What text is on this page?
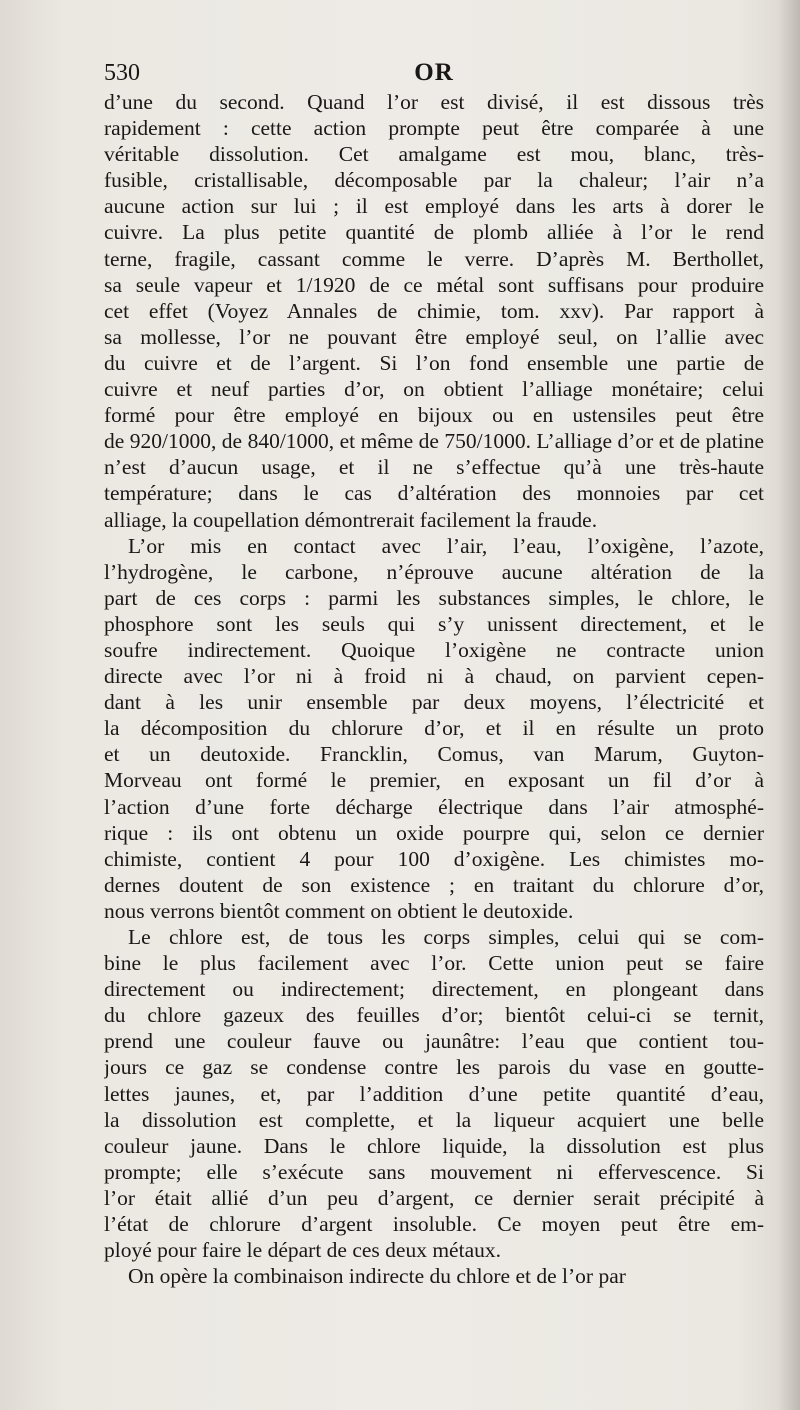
530	OR
d’une du second. Quand l’or est divisé, il est dissous très
rapidement : cette action prompte peut être comparée à une
véritable dissolution. Cet amalgame est mou, blanc, très-
fusible, cristallisable, décomposable par la chaleur; l’air n’a
aucune action sur lui ; il est employé dans les arts à dorer le
cuivre. La plus petite quantité de plomb alliée à l’or le rend
terne, fragile, cassant comme le verre. D’après M. Berthollet,
sa seule vapeur et 1/1920 de ce métal sont suffisans pour produire
cet effet (Voyez Annales de chimie, tom. xxv). Par rapport à
sa mollesse, l’or ne pouvant être employé seul, on l’allie avec
du cuivre et de l’argent. Si l’on fond ensemble une partie de
cuivre et neuf parties d’or, on obtient l’alliage monétaire; celui
formé pour être employé en bijoux ou en ustensiles peut être
de 920/1000, de 840/1000, et même de 750/1000. L’alliage d’or et de platine
n’est d’aucun usage, et il ne s’effectue qu’à une très-haute
température; dans le cas d’altération des monnoies par cet
alliage, la coupellation démontrerait facilement la fraude.
L’or mis en contact avec l’air, l’eau, l’oxigène, l’azote,
l’hydrogène, le carbone, n’éprouve aucune altération de la
part de ces corps : parmi les substances simples, le chlore, le
phosphore sont les seuls qui s’y unissent directement, et le
soufre indirectement. Quoique l’oxigène ne contracte union
directe avec l’or ni à froid ni à chaud, on parvient cepen-
dant à les unir ensemble par deux moyens, l’électricité et
la décomposition du chlorure d’or, et il en résulte un proto
et un deutoxide. Francklin, Comus, van Marum, Guyton-
Morveau ont formé le premier, en exposant un fil d’or à
l’action d’une forte décharge électrique dans l’air atmosphé-
rique : ils ont obtenu un oxide pourpre qui, selon ce dernier
chimiste, contient 4 pour 100 d’oxigène. Les chimistes mo-
dernes doutent de son existence ; en traitant du chlorure d’or,
nous verrons bientôt comment on obtient le deutoxide.
Le chlore est, de tous les corps simples, celui qui se com-
bine le plus facilement avec l’or. Cette union peut se faire
directement ou indirectement; directement, en plongeant dans
du chlore gazeux des feuilles d’or; bientôt celui-ci se ternit,
prend une couleur fauve ou jaunâtre: l’eau que contient tou-
jours ce gaz se condense contre les parois du vase en goutte-
lettes jaunes, et, par l’addition d’une petite quantité d’eau,
la dissolution est complette, et la liqueur acquiert une belle
couleur jaune. Dans le chlore liquide, la dissolution est plus
prompte; elle s’exécute sans mouvement ni effervescence. Si
l’or était allié d’un peu d’argent, ce dernier serait précipité à
l’état de chlorure d’argent insoluble. Ce moyen peut être em-
ployé pour faire le départ de ces deux métaux.
On opère la combinaison indirecte du chlore et de l’or par
